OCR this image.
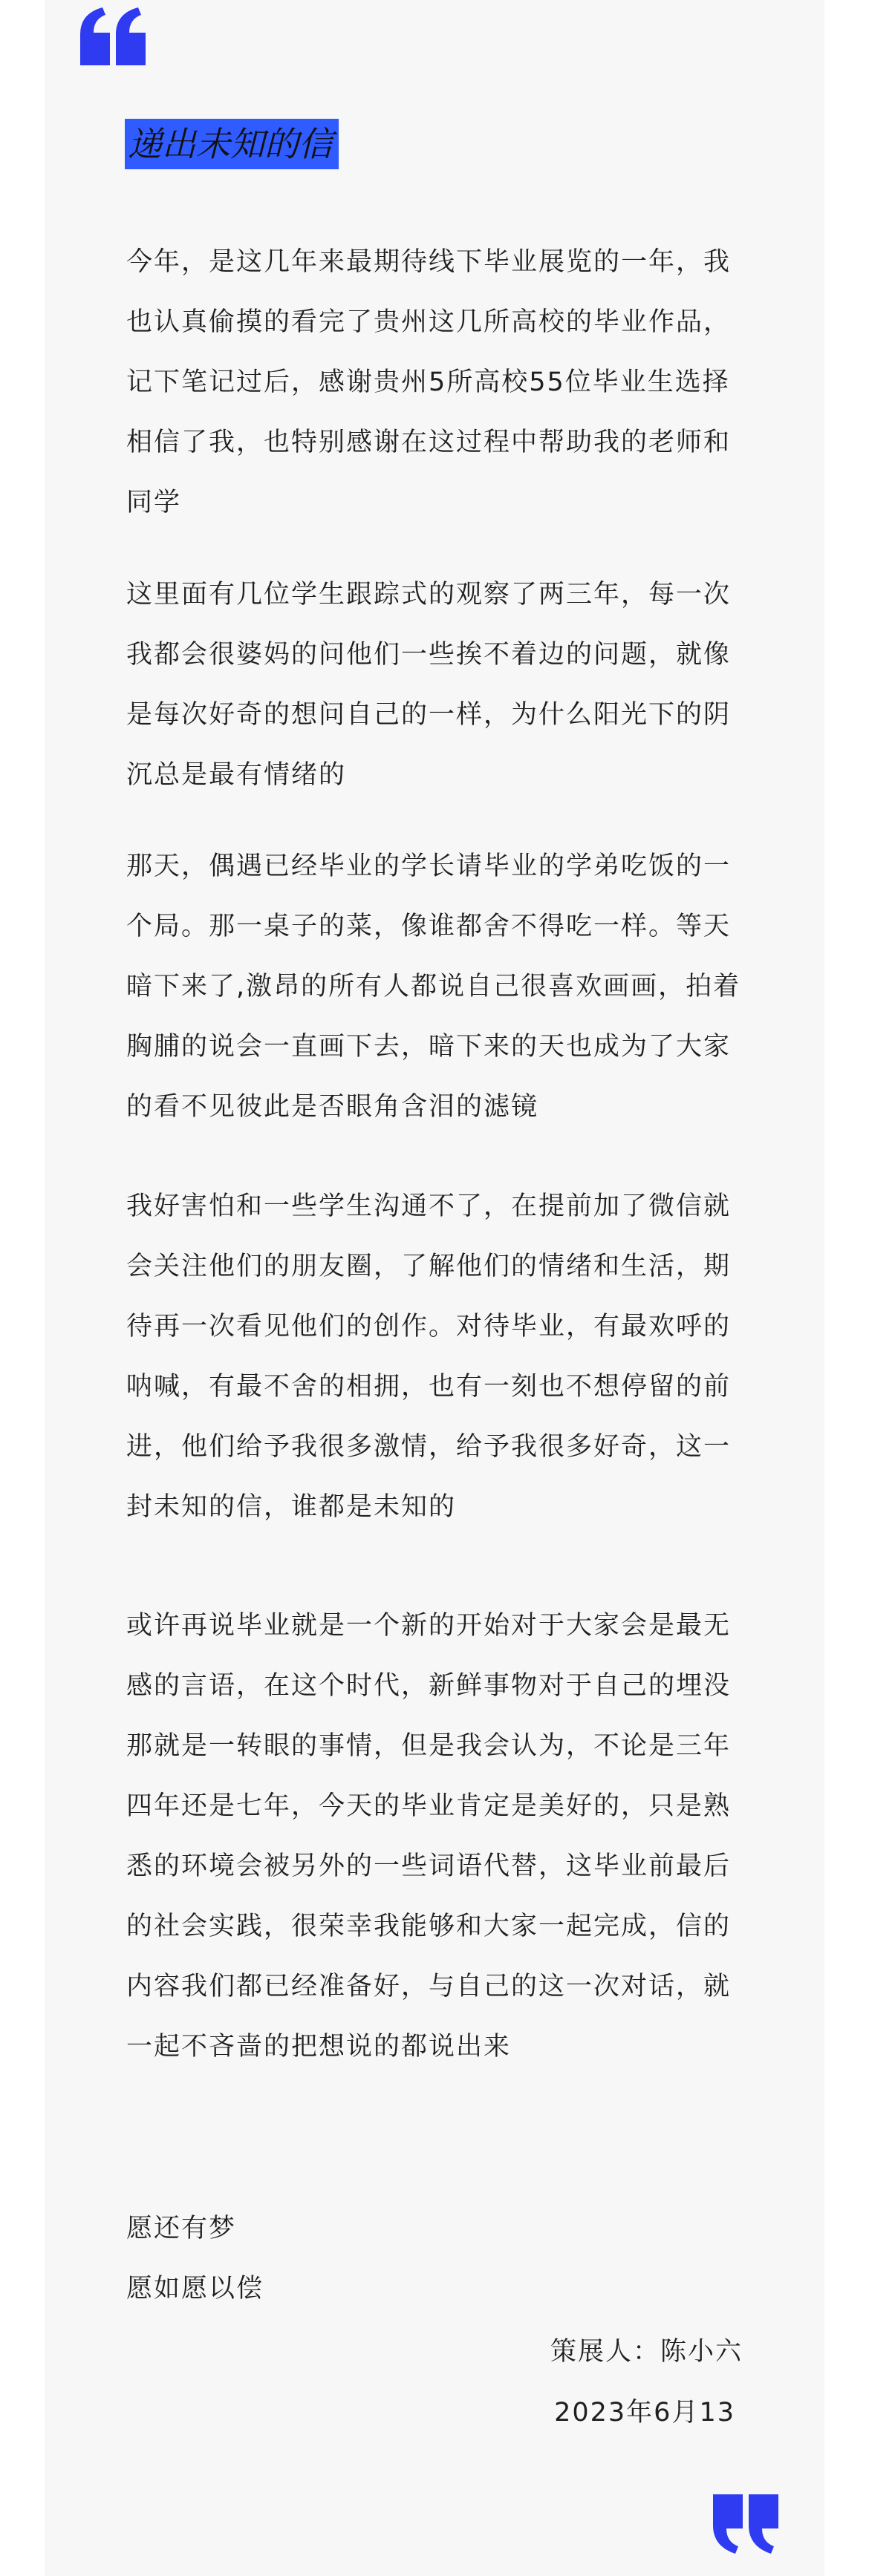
递出未知的信

今年，是这几年来最期待线下毕业展览的一年，我也认真偷摸的看完了贵州这几所高校的毕业作品，记下笔记过后，感谢贵州5所高校55位毕业生选择相信了我，也特别感谢在这过程中帮助我的老师和同学

这里面有几位学生跟踪式的观察了两三年，每一次我都会很婆妈的问他们一些挨不着边的问题，就像是每次好奇的想问自己的一样，为什么阳光下的阴沉总是最有情绪的

那天，偶遇已经毕业的学长请毕业的学弟吃饭的一个局。那一桌子的菜，像谁都舍不得吃一样。等天暗下来了,激昂的所有人都说自己很喜欢画画，拍着胸脯的说会一直画下去，暗下来的天也成为了大家的看不见彼此是否眼角含泪的滤镜

我好害怕和一些学生沟通不了，在提前加了微信就会关注他们的朋友圈，了解他们的情绪和生活，期待再一次看见他们的创作。对待毕业，有最欢呼的呐喊，有最不舍的相拥，也有一刻也不想停留的前进，他们给予我很多激情，给予我很多好奇，这一封未知的信，谁都是未知的

或许再说毕业就是一个新的开始对于大家会是最无感的言语，在这个时代，新鲜事物对于自己的埋没那就是一转眼的事情，但是我会认为，不论是三年四年还是七年，今天的毕业肯定是美好的，只是熟悉的环境会被另外的一些词语代替，这毕业前最后的社会实践，很荣幸我能够和大家一起完成，信的内容我们都已经准备好，与自己的这一次对话，就一起不吝啬的把想说的都说出来

愿还有梦
愿如愿以偿
策展人：陈小六
2023年6月13
